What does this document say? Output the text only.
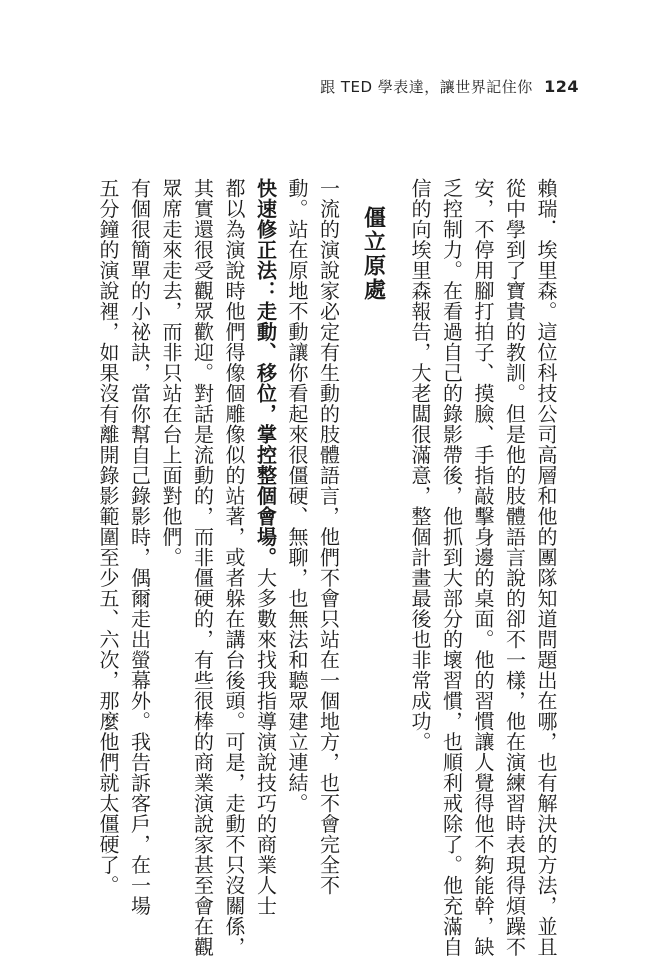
跟 TED 學表達，讓世界記住你 124
賴瑞．埃里森。這位科技公司高層和他的團隊知道問題出在哪，也有解決的方法，並且
從中學到了寶貴的教訓。但是他的肢體語言說的卻不一樣，他在演練習時表現得煩躁不
安，不停用腳打拍子、摸臉、手指敲擊身邊的桌面。他的習慣讓人覺得他不夠能幹，缺
乏控制力。在看過自己的錄影帶後，他抓到大部分的壞習慣，也順利戒除了。他充滿自
信的向埃里森報告，大老闆很滿意，整個計畫最後也非常成功。
僵立原處
一流的演說家必定有生動的肢體語言，他們不會只站在一個地方，也不會完全不
動。站在原地不動讓你看起來很僵硬、無聊，也無法和聽眾建立連結。
快速修正法：走動、移位，掌控整個會場。大多數來找我指導演說技巧的商業人士
都以為演說時他們得像個雕像似的站著，或者躲在講台後頭。可是，走動不只沒關係，
其實還很受觀眾歡迎。對話是流動的，而非僵硬的，有些很棒的商業演說家甚至會在觀
眾席走來走去，而非只站在台上面對他們。
有個很簡單的小祕訣，當你幫自己錄影時，偶爾走出螢幕外。我告訴客戶，在一場
五分鐘的演說裡，如果沒有離開錄影範圍至少五、六次，那麼他們就太僵硬了。
